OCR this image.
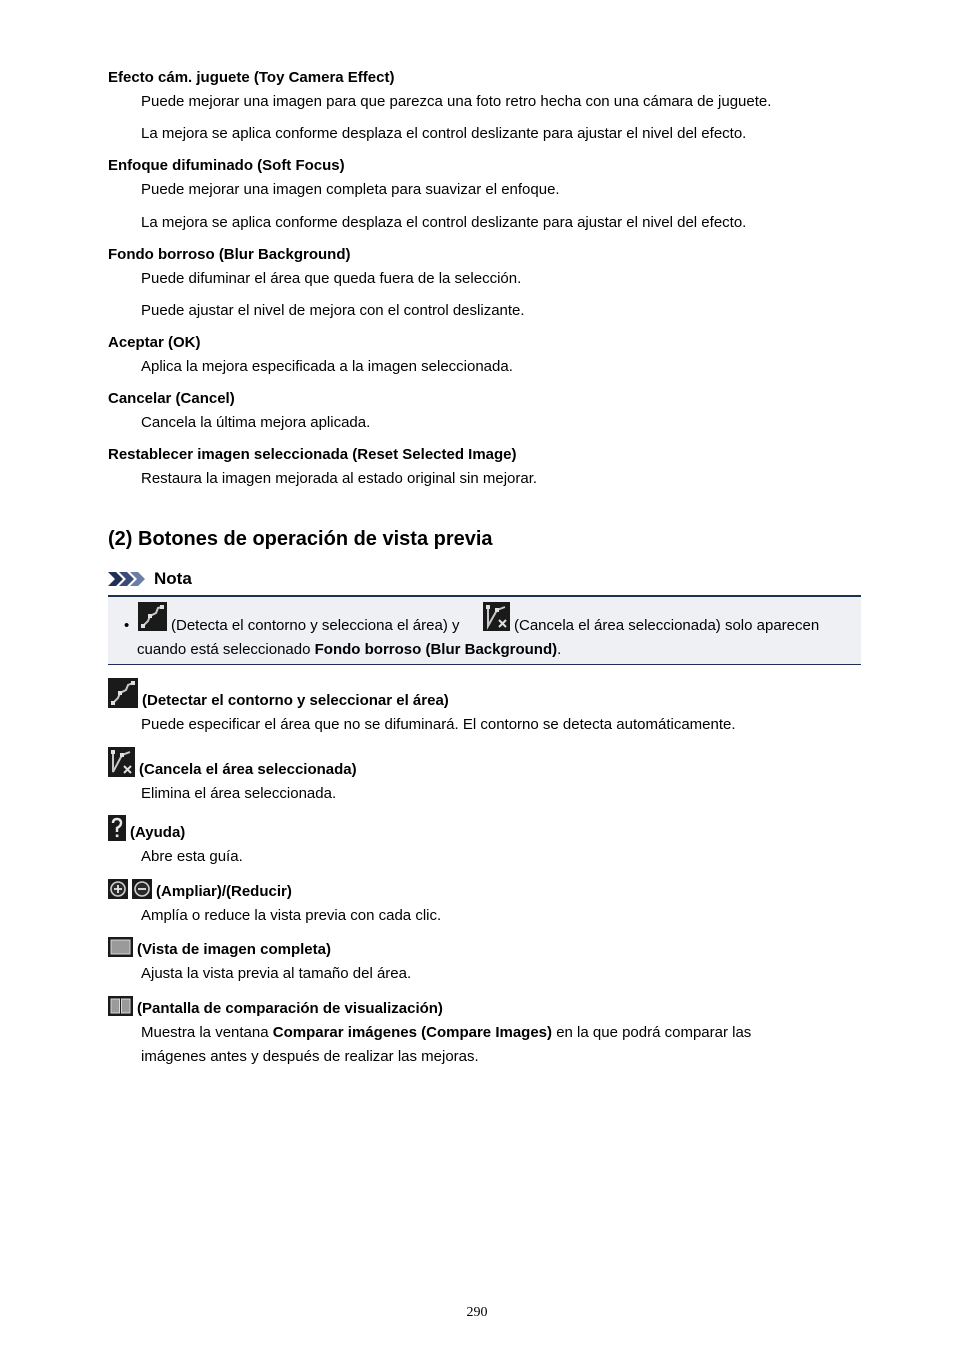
Efecto cám. juguete (Toy Camera Effect)
Puede mejorar una imagen para que parezca una foto retro hecha con una cámara de juguete.
La mejora se aplica conforme desplaza el control deslizante para ajustar el nivel del efecto.
Enfoque difuminado (Soft Focus)
Puede mejorar una imagen completa para suavizar el enfoque.
La mejora se aplica conforme desplaza el control deslizante para ajustar el nivel del efecto.
Fondo borroso (Blur Background)
Puede difuminar el área que queda fuera de la selección.
Puede ajustar el nivel de mejora con el control deslizante.
Aceptar (OK)
Aplica la mejora especificada a la imagen seleccionada.
Cancelar (Cancel)
Cancela la última mejora aplicada.
Restablecer imagen seleccionada (Reset Selected Image)
Restaura la imagen mejorada al estado original sin mejorar.
(2) Botones de operación de vista previa
Nota
•	(Detecta el contorno y selecciona el área) y	(Cancela el área seleccionada) solo aparecen
cuando está seleccionado Fondo borroso (Blur Background).
(Detectar el contorno y seleccionar el área)
Puede especificar el área que no se difuminará. El contorno se detecta automáticamente.
(Cancela el área seleccionada)
Elimina el área seleccionada.
(Ayuda)
Abre esta guía.
(Ampliar)/(Reducir)
Amplía o reduce la vista previa con cada clic.
(Vista de imagen completa)
Ajusta la vista previa al tamaño del área.
(Pantalla de comparación de visualización)
Muestra la ventana Comparar imágenes (Compare Images) en la que podrá comparar las
imágenes antes y después de realizar las mejoras.
290
